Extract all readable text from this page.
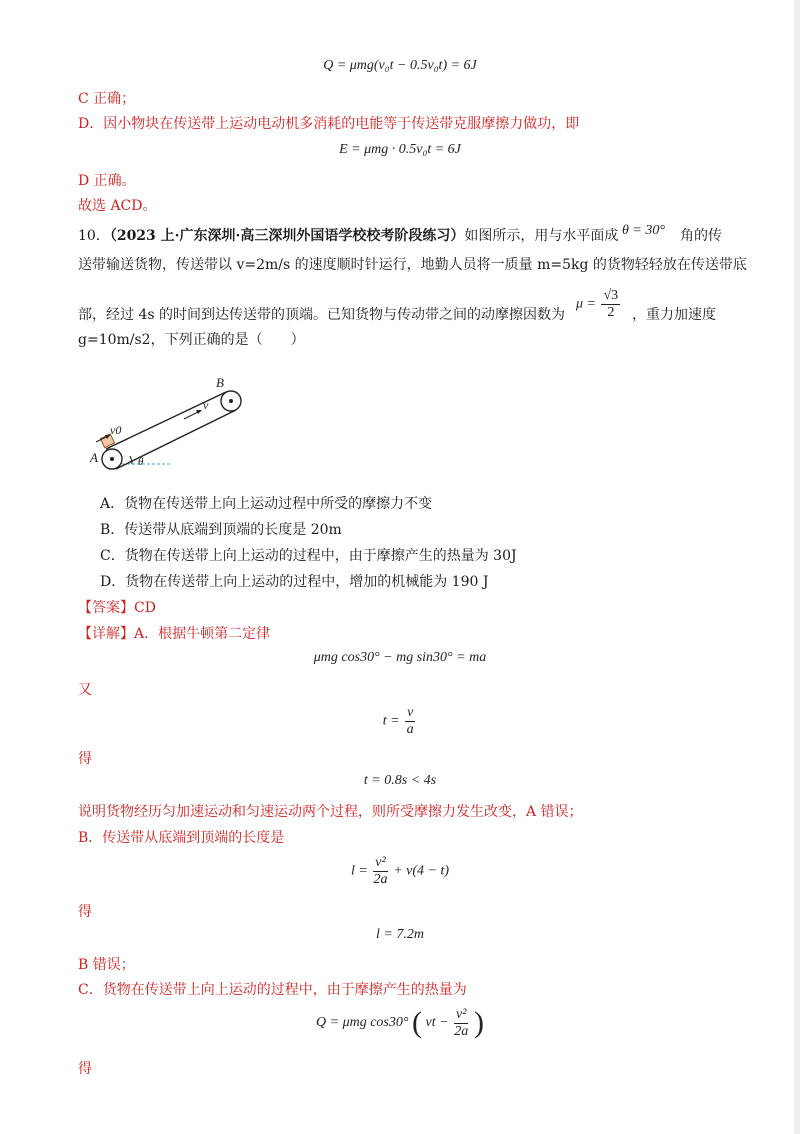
Q = μmg(v₀t − 0.5v₀t) = 6J
C 正确；
D．因小物块在传送带上运动电动机多消耗的电能等于传送带克服摩擦力做功，即
E = μmg · 0.5v₀t = 6J
D 正确。
故选 ACD。
10．（2023 上·广东深圳·高三深圳外国语学校校考阶段练习）如图所示，用与水平面成 θ = 30° 角的传
送带输送货物，传送带以 v=2m/s 的速度顺时针运行，地勤人员将一质量 m=5kg 的货物轻轻放在传送带底
部，经过 4s 的时间到达传送带的顶端。已知货物与传动带之间的动摩擦因数为
$\mu = \frac{√3}{2}$ ，重力加速度
g=10m/s2，下列正确的是（　　）
A
B
v0
v
θ
A．货物在传送带上向上运动过程中所受的摩擦力不变
B．传送带从底端到顶端的长度是 20m
C．货物在传送带上向上运动的过程中，由于摩擦产生的热量为 30J
D．货物在传送带上向上运动的过程中，增加的机械能为 190 J
【答案】CD
【详解】A．根据牛顿第二定律
μmg cos30° − mg sin30° = ma
又
$t = \frac{v}{a}$
得
t = 0.8s < 4s
说明货物经历匀加速运动和匀速运动两个过程，则所受摩擦力发生改变，A 错误；
B．传送带从底端到顶端的长度是
$l = \frac{\text{v²}}{2a} + v(4 - t)$
得
l = 7.2m
B 错误；
C．货物在传送带上向上运动的过程中，由于摩擦产生的热量为
Q = μmg cos30° ( vt − $\frac{\text{v²}}{2a}$ )
得
